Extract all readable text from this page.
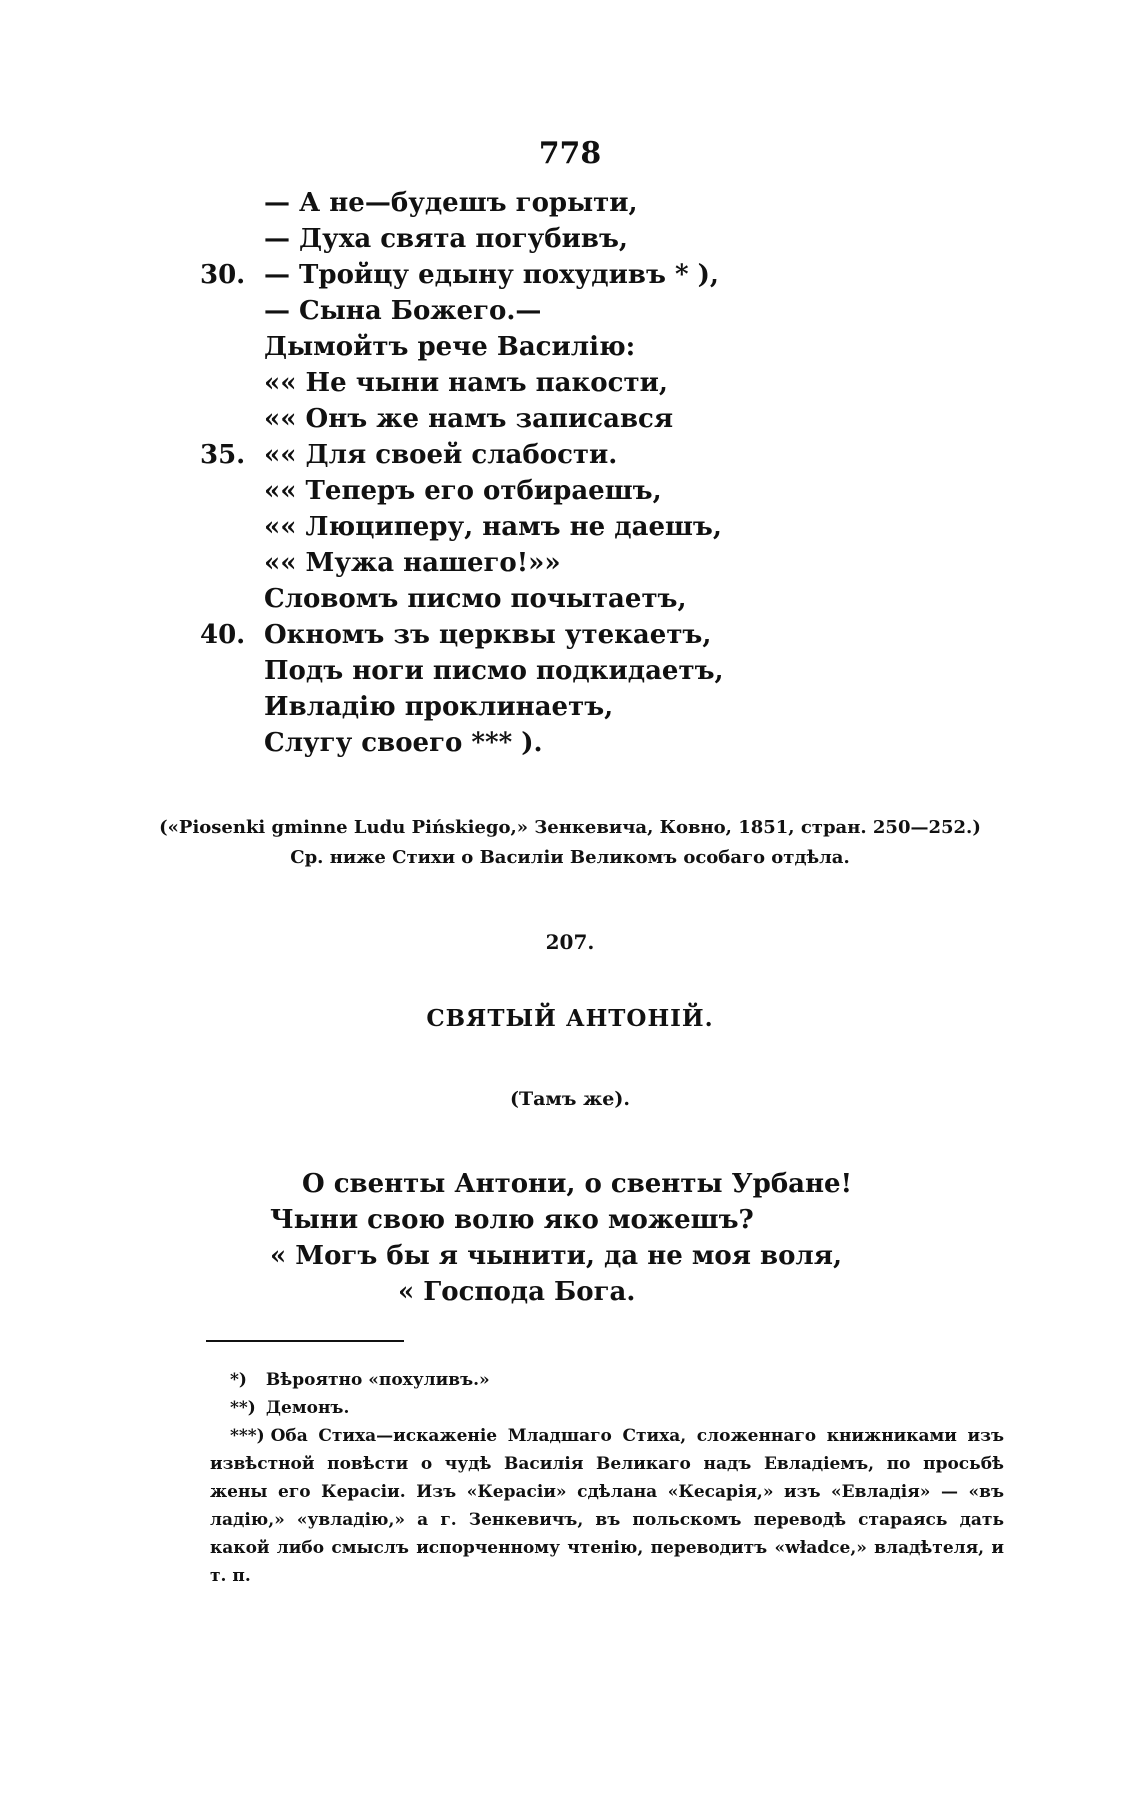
778
— А не—будешъ горыти,
— Духа свята погубивъ,
30. — Тройцу едыну похудивъ * ),
— Сына Божего.—
Дымойтъ рече Василію:
«« Не чыни намъ пакости,
«« Онъ же намъ записався
35. «« Для своей слабости.
«« Теперъ его отбираешъ,
«« Люциперу, намъ не даешъ,
«« Мужа нашего!»»
Словомъ писмо почытаетъ,
40. Окномъ зъ церквы утекаетъ,
Подъ ноги писмо подкидаетъ,
Ивладію проклинаетъ,
Слугу своего *** ).
(«Piosenki gminne Ludu Pińskiego,» Зенкевича, Ковно, 1851, стран. 250—252.)
Ср. ниже Стихи о Василіи Великомъ особаго отдѣла.
207.
СВЯТЫЙ АНТОНІЙ.
(Тамъ же).
О свенты Антони, о свенты Урбане!
Чыни свою волю яко можешъ?
« Могъ бы я чынити, да не моя воля,
« Господа Бога.
*) Вѣроятно «похуливъ.»
**) Демонъ.
***) Оба Стиха—искаженіе Младшаго Стиха, сложеннаго книжниками изъ извѣстной повѣсти о чудѣ Василія Великаго надъ Евладіемъ, по просьбѣ жены его Керасіи. Изъ «Керасіи» сдѣлана «Кесарія,» изъ «Евладія» — «въ ладію,» «увладію,» а г. Зенкевичъ, въ польскомъ переводѣ стараясь дать какой либо смыслъ испорченному чтенію, переводитъ «władce,» владѣтеля, и т. п.
